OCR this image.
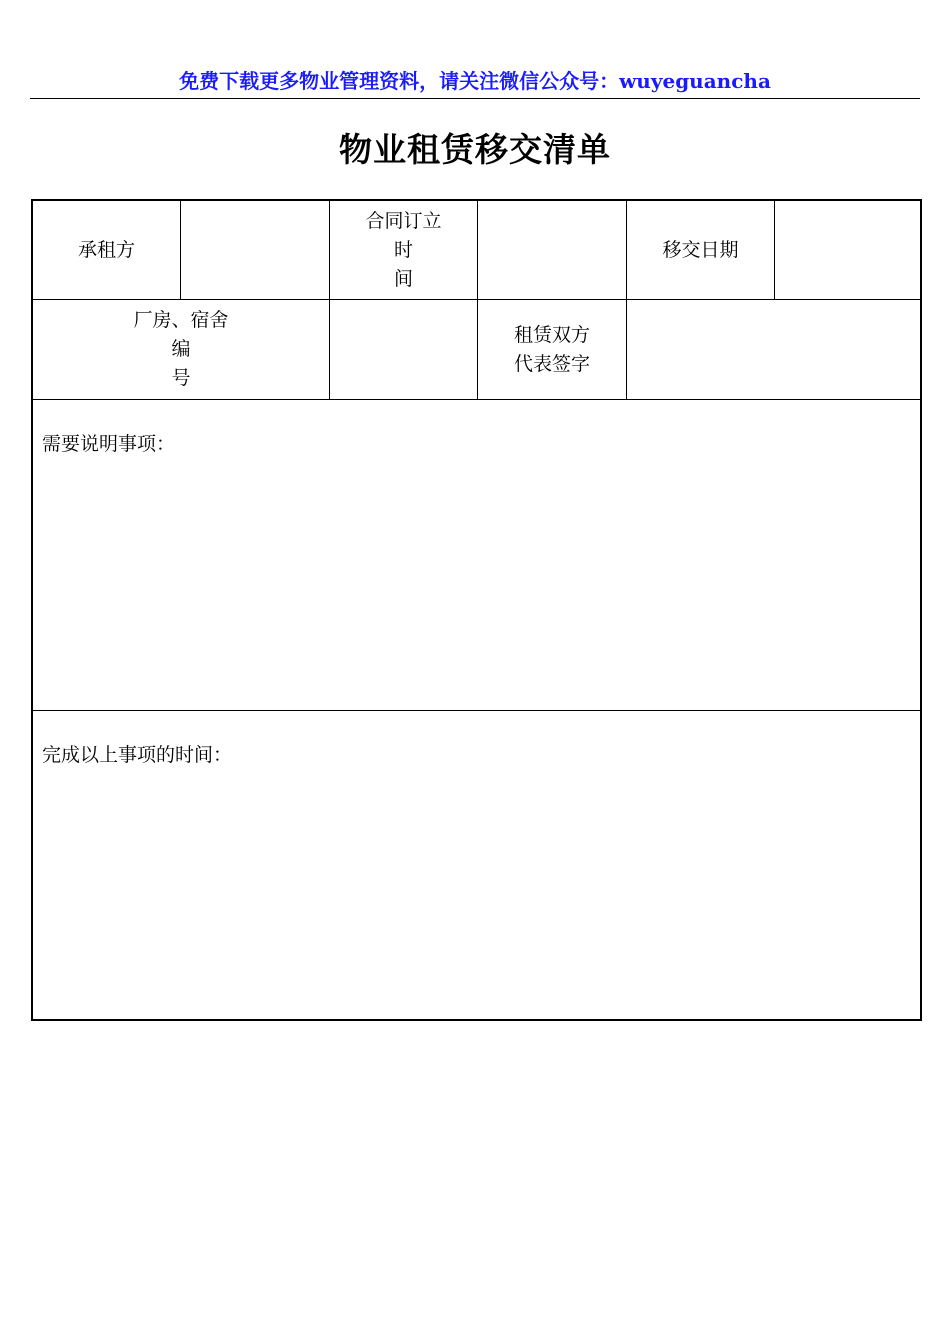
免费下载更多物业管理资料，请关注微信公众号：wuyeguancha
物业租赁移交清单
承租方
合同订立
时
间
移交日期
厂房、宿舍
编
号
租赁双方
代表签字
需要说明事项：
完成以上事项的时间：
